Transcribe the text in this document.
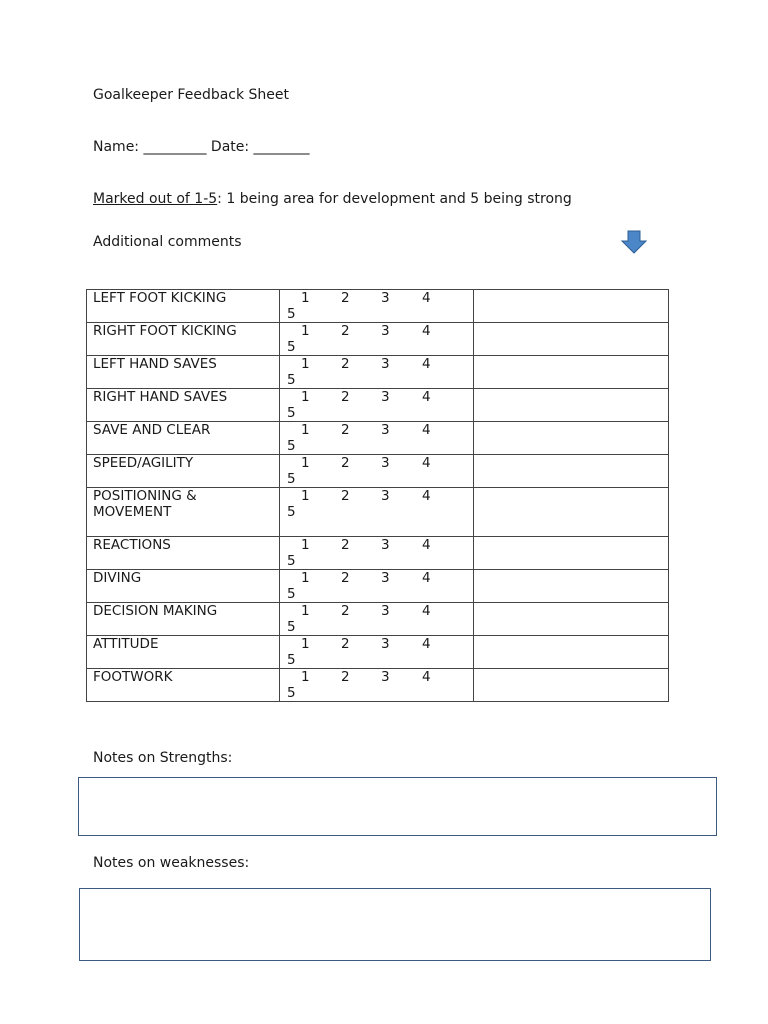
Goalkeeper Feedback Sheet
Name: _________ Date: ________
Marked out of 1-5: 1 being area for development and 5 being strong
Additional comments
LEFT FOOT KICKING	1 2 3 4
5	

RIGHT FOOT KICKING	1 2 3 4
5	

LEFT HAND SAVES	1 2 3 4
5	

RIGHT HAND SAVES	1 2 3 4
5	

SAVE AND CLEAR	1 2 3 4
5	

SPEED/AGILITY	1 2 3 4
5	

POSITIONING & MOVEMENT	1 2 3 4
5	

REACTIONS	1 2 3 4
5	

DIVING	1 2 3 4
5	

DECISION MAKING	1 2 3 4
5	

ATTITUDE	1 2 3 4
5	

FOOTWORK	1 2 3 4
5	

Notes on Strengths:
Notes on weaknesses:
